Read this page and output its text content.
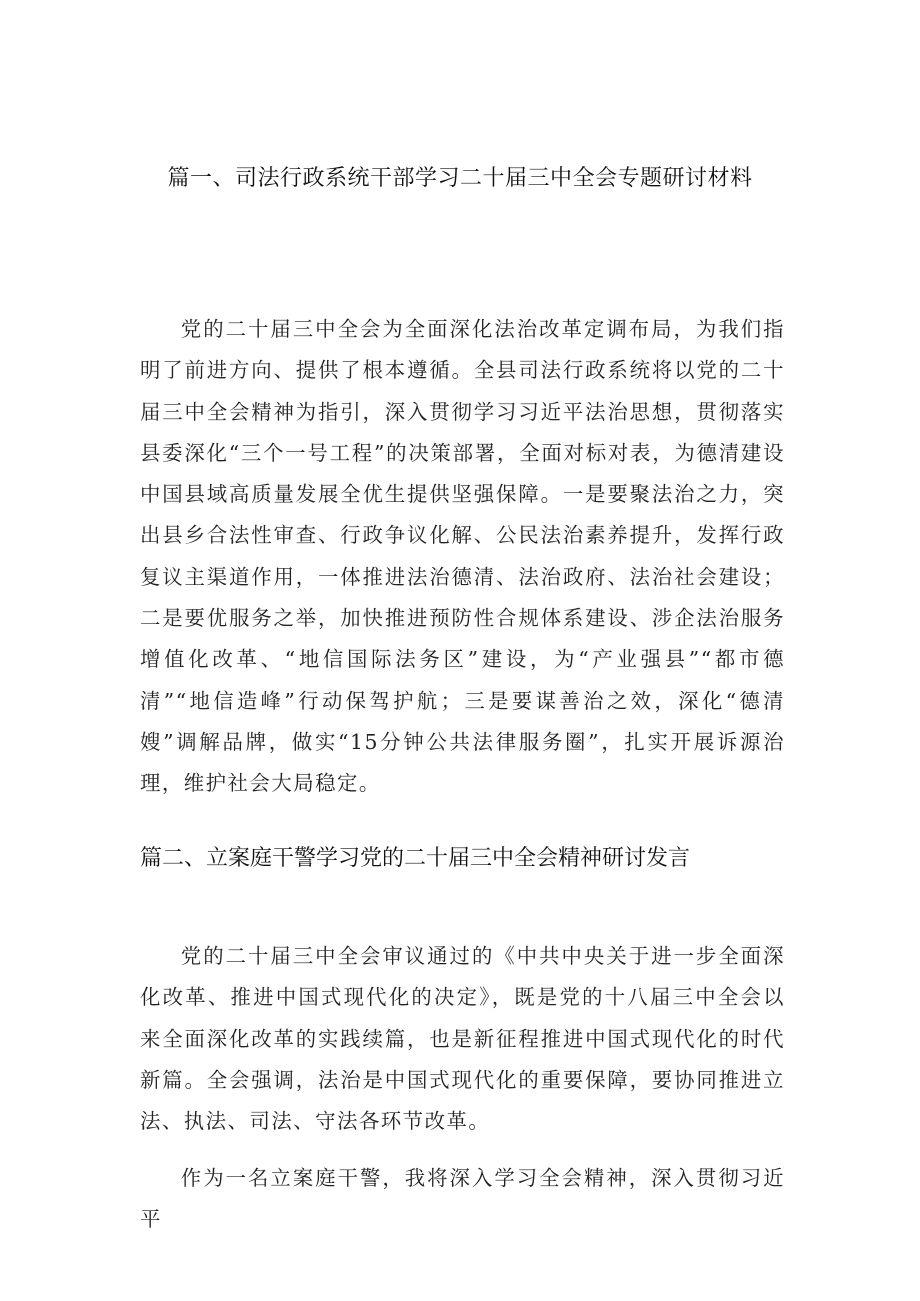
篇一、司法行政系统干部学习二十届三中全会专题研讨材料
党的二十届三中全会为全面深化法治改革定调布局，为我们指明了前进方向、提供了根本遵循。全县司法行政系统将以党的二十届三中全会精神为指引，深入贯彻学习习近平法治思想，贯彻落实县委深化“三个一号工程”的决策部署，全面对标对表，为德清建设中国县域高质量发展全优生提供坚强保障。一是要聚法治之力，突出县乡合法性审查、行政争议化解、公民法治素养提升，发挥行政复议主渠道作用，一体推进法治德清、法治政府、法治社会建设；二是要优服务之举，加快推进预防性合规体系建设、涉企法治服务增值化改革、“地信国际法务区”建设，为“产业强县”“都市德清”“地信造峰”行动保驾护航；三是要谋善治之效，深化“德清嫂”调解品牌，做实“15分钟公共法律服务圈”，扎实开展诉源治理，维护社会大局稳定。
篇二、立案庭干警学习党的二十届三中全会精神研讨发言
党的二十届三中全会审议通过的《中共中央关于进一步全面深化改革、推进中国式现代化的决定》，既是党的十八届三中全会以来全面深化改革的实践续篇，也是新征程推进中国式现代化的时代新篇。全会强调，法治是中国式现代化的重要保障，要协同推进立法、执法、司法、守法各环节改革。
作为一名立案庭干警，我将深入学习全会精神，深入贯彻习近平
